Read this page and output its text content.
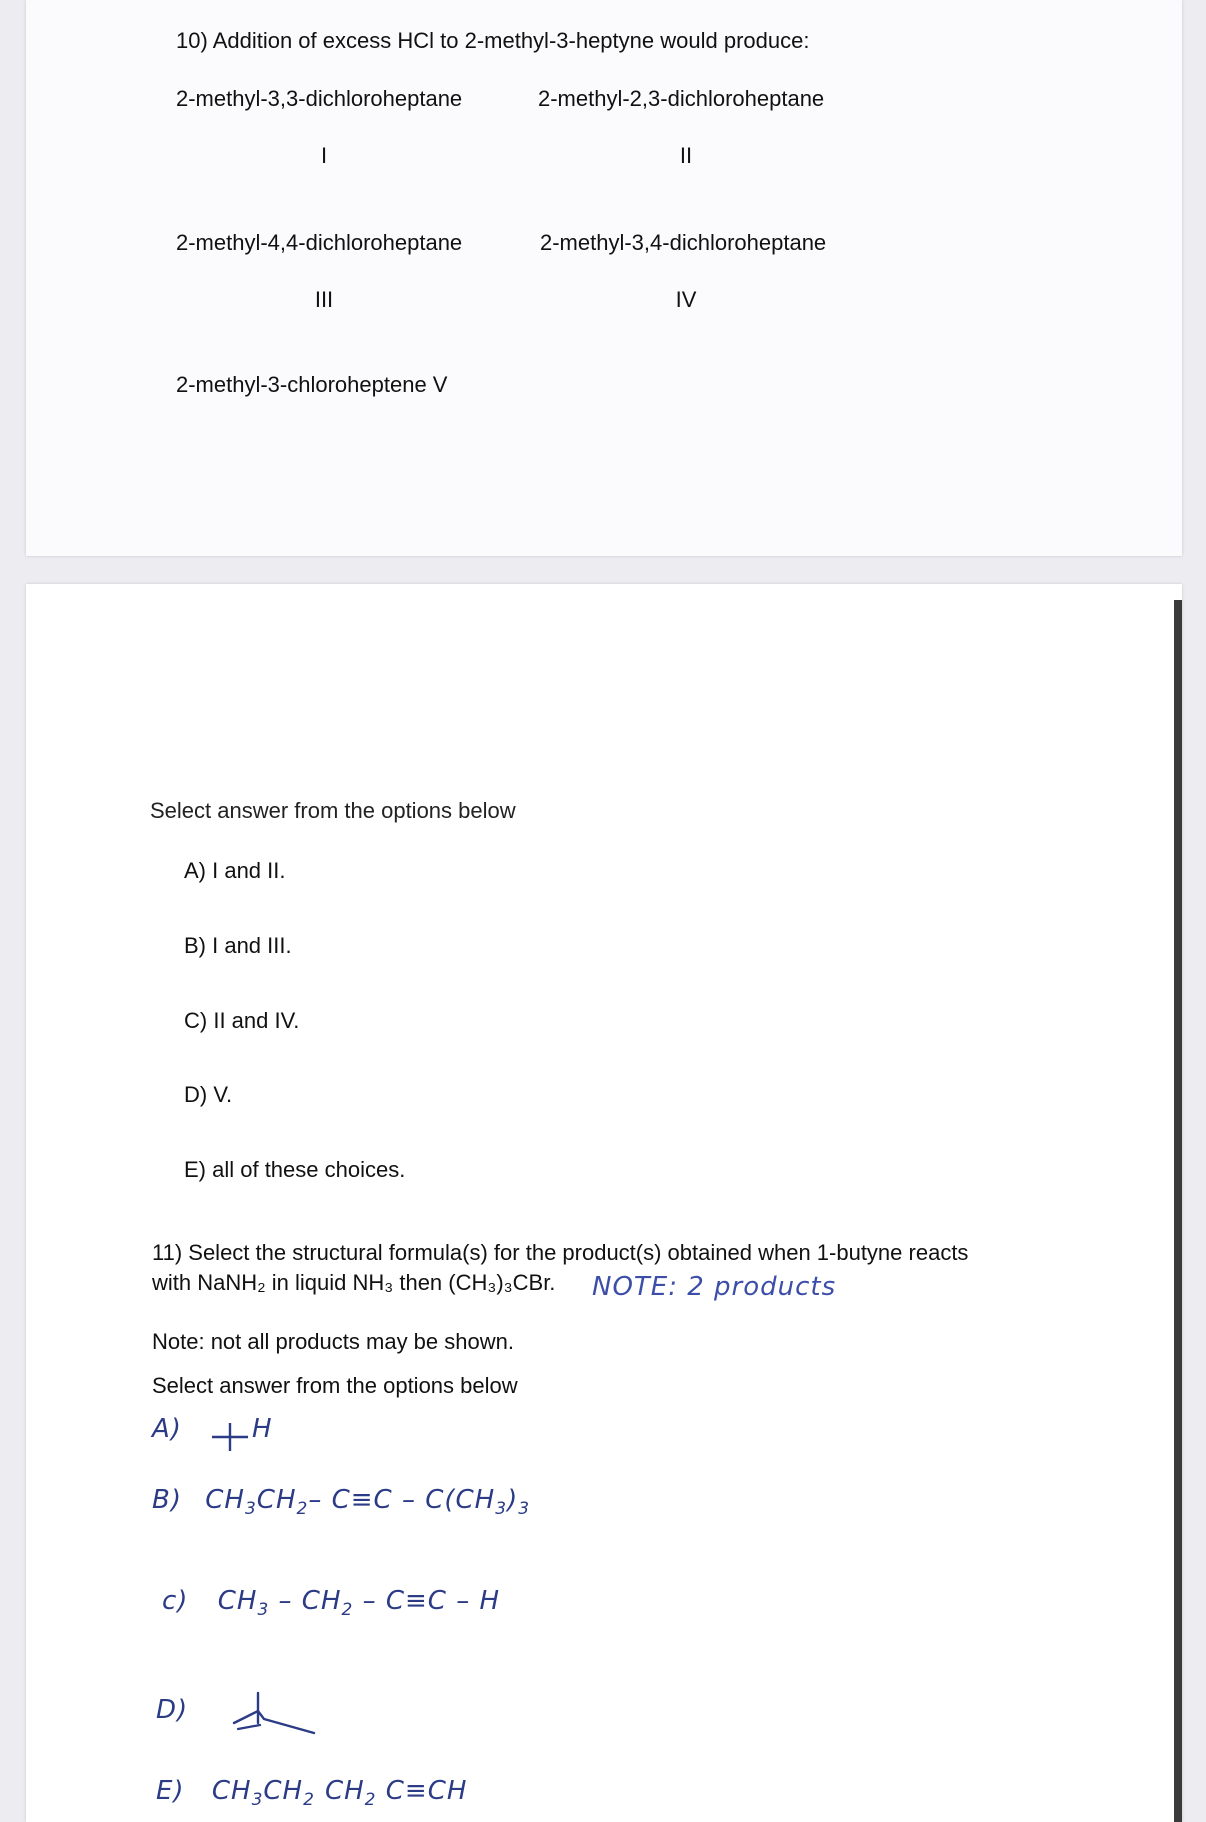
10) Addition of excess HCl to 2-methyl-3-heptyne would produce:
2-methyl-3,3-dichloroheptane
I
2-methyl-2,3-dichloroheptane
II
2-methyl-4,4-dichloroheptane
III
2-methyl-3,4-dichloroheptane
IV
2-methyl-3-chloroheptene V
Select answer from the options below
A) I and II.
B) I and III.
C) II and IV.
D) V.
E) all of these choices.
11) Select the structural formula(s) for the product(s) obtained when 1-butyne reacts
with NaNH₂ in liquid NH₃ then (CH₃)₃CBr. NOTE: 2 products
Note: not all products may be shown.
Select answer from the options below
A)	H
B) $CH_3CH_2-$ $C\equiv C - C(CH_3)_3$
c) $CH_3 - CH_2 - C\equiv C - H$
D)
E) $CH_3CH_2$ $CH_2$ C≡CH
